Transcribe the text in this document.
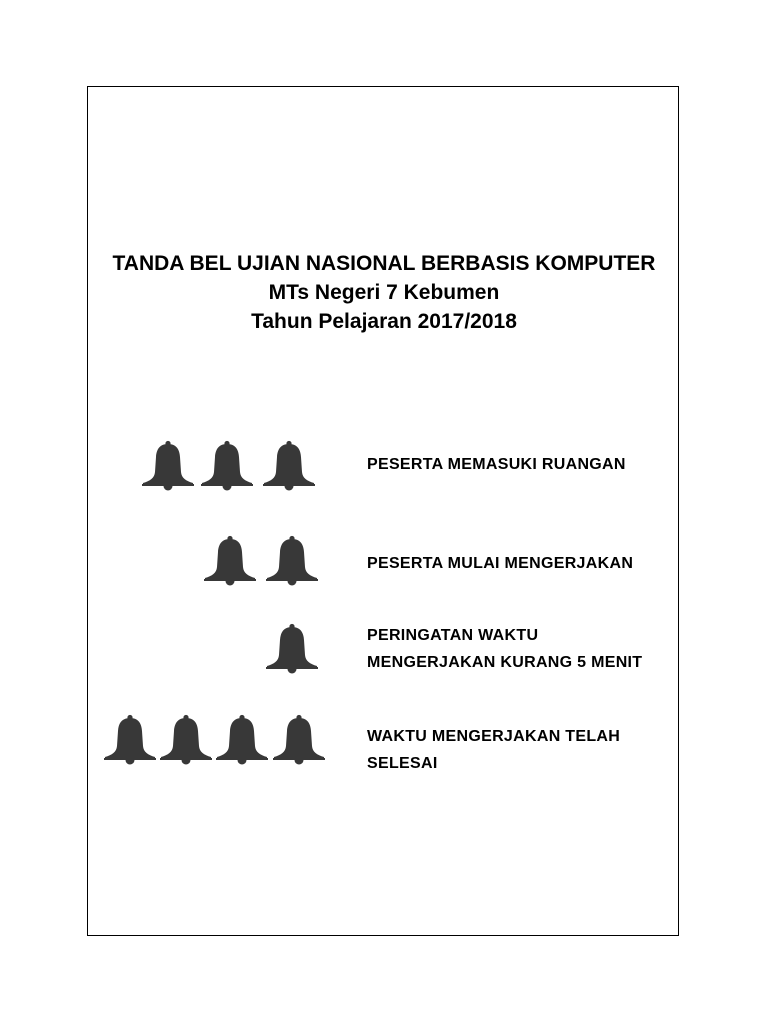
TANDA BEL UJIAN NASIONAL BERBASIS KOMPUTER
MTs Negeri 7 Kebumen
Tahun Pelajaran 2017/2018
PESERTA MEMASUKI RUANGAN
PESERTA MULAI MENGERJAKAN
PERINGATAN WAKTU
MENGERJAKAN KURANG 5 MENIT
WAKTU MENGERJAKAN TELAH
SELESAI
